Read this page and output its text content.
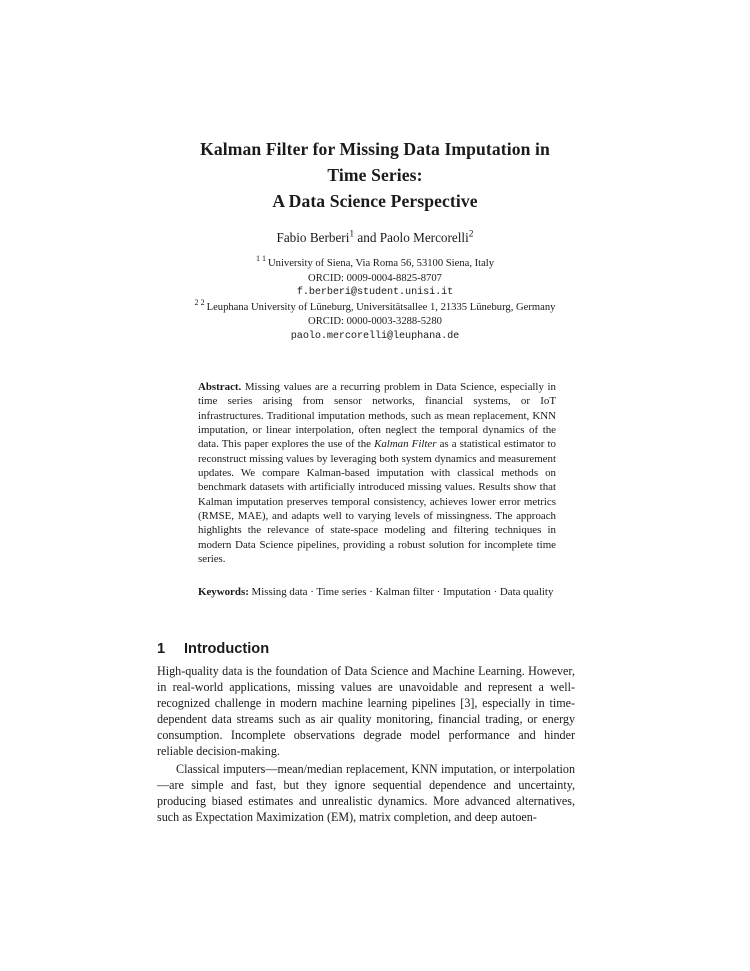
Kalman Filter for Missing Data Imputation in
Time Series:
A Data Science Perspective
Fabio Berberi$^1$ and Paolo Mercorelli$^2$
$^1$ $^1$ University of Siena, Via Roma 56, 53100 Siena, Italy
ORCID: 0009-0004-8825-8707
f.berberi@student.unisi.it
$^2$ $^2$ Leuphana University of Lüneburg, Universitätsallee 1, 21335 Lüneburg, Germany
ORCID: 0000-0003-3288-5280
paolo.mercorelli@leuphana.de
Abstract. Missing values are a recurring problem in Data Science, especially in time series arising from sensor networks, financial systems, or IoT infrastructures. Traditional imputation methods, such as mean replacement, KNN imputation, or linear interpolation, often neglect the temporal dynamics of the data. This paper explores the use of the Kalman Filter as a statistical estimator to reconstruct missing values by leveraging both system dynamics and measurement updates. We compare Kalman-based imputation with classical methods on benchmark datasets with artificially introduced missing values. Results show that Kalman imputation preserves temporal consistency, achieves lower error metrics (RMSE, MAE), and adapts well to varying levels of missingness. The approach highlights the relevance of state-space modeling and filtering techniques in modern Data Science pipelines, providing a robust solution for incomplete time series.
Keywords: Missing data · Time series · Kalman filter · Imputation · Data quality
1 Introduction
High-quality data is the foundation of Data Science and Machine Learning. However, in real-world applications, missing values are unavoidable and represent a well-recognized challenge in modern machine learning pipelines [3], especially in time-dependent data streams such as air quality monitoring, financial trading, or energy consumption. Incomplete observations degrade model performance and hinder reliable decision-making.
Classical imputers—mean/median replacement, KNN imputation, or interpolation—are simple and fast, but they ignore sequential dependence and uncertainty, producing biased estimates and unrealistic dynamics. More advanced alternatives, such as Expectation Maximization (EM), matrix completion, and deep autoen-
